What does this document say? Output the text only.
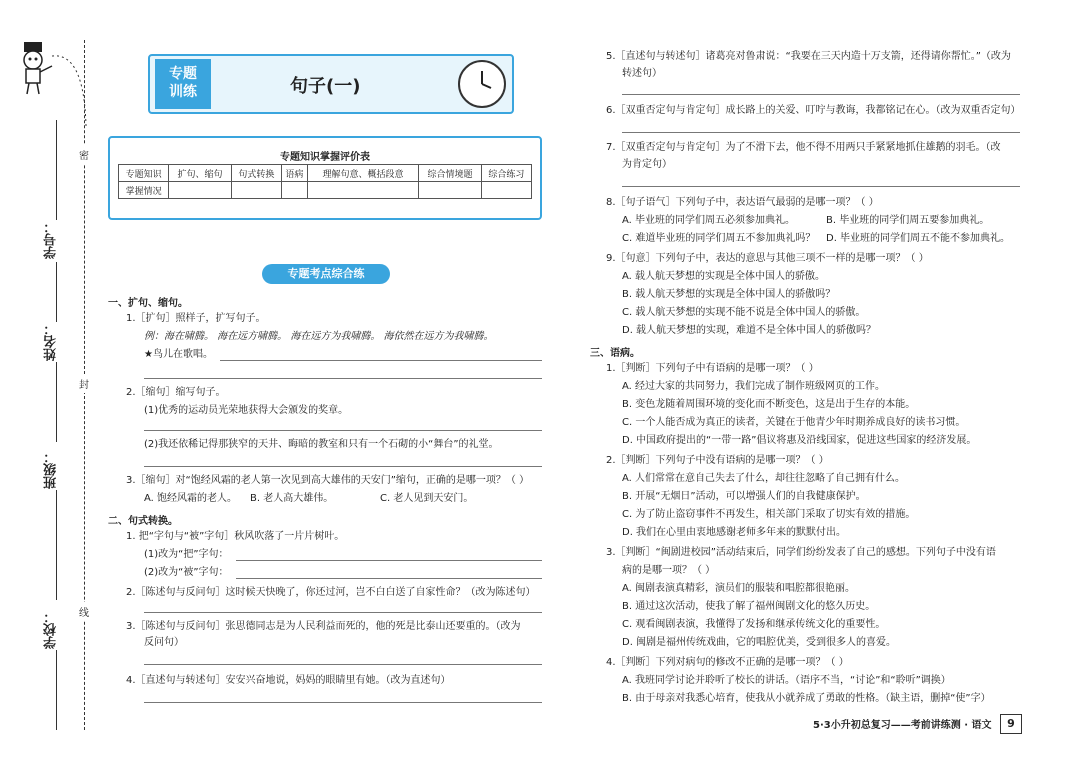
学号：
姓名：
班级：
学校：
密
封
线
专题
训练	句子(一)
专题知识掌握评价表
专题知识	扩句、缩句	句式转换	语病	理解句意、概括段意	综合情境题	综合练习
掌握情况						
专题考点综合练
一、扩句、缩句。
1.［扩句］照样子，扩写句子。
例：海在啸腾。 海在远方啸腾。 海在远方为我啸腾。 海依然在远方为我啸腾。
★鸟儿在歌唱。
2.［缩句］缩写句子。
(1)优秀的运动员光荣地获得大会颁发的奖章。
(2)我还依稀记得那狭窄的天井、晦暗的教室和只有一个石砌的小“舞台”的礼堂。
3.［缩句］对“饱经风霜的老人第一次见到高大雄伟的天安门”缩句，正确的是哪一项？（ ）
A. 饱经风霜的老人。 B. 老人高大雄伟。	C. 老人见到天安门。
二、句式转换。
1. 把“字句与“被”字句］秋风吹落了一片片树叶。
(1)改为“把”字句：
(2)改为“被”字句：
2.［陈述句与反问句］这时候天快晚了，你还过河，岂不白白送了自家性命？（改为陈述句）
3.［陈述句与反问句］张思德同志是为人民利益而死的，他的死是比泰山还要重的。（改为
反问句）
4.［直述句与转述句］安安兴奋地说，妈妈的眼睛里有她。（改为直述句）
5.［直述句与转述句］诸葛亮对鲁肃说：“我要在三天内造十万支箭，还得请你帮忙。”（改为
转述句）
6.［双重否定句与肯定句］成长路上的关爱、叮咛与教诲，我都铭记在心。（改为双重否定句）
7.［双重否定句与肯定句］为了不滑下去，他不得不用两只手紧紧地抓住雄鹅的羽毛。（改
为肯定句）
8.［句子语气］下列句子中，表达语气最弱的是哪一项？（ ）
A. 毕业班的同学们周五必须参加典礼。	B. 毕业班的同学们周五要参加典礼。
C. 难道毕业班的同学们周五不参加典礼吗？ D. 毕业班的同学们周五不能不参加典礼。
9.［句意］下列句子中，表达的意思与其他三项不一样的是哪一项？（ ）
A. 载人航天梦想的实现是全体中国人的骄傲。
B. 载人航天梦想的实现是全体中国人的骄傲吗？
C. 载人航天梦想的实现不能不说是全体中国人的骄傲。
D. 载人航天梦想的实现，难道不是全体中国人的骄傲吗？
三、语病。
1.［判断］下列句子中有语病的是哪一项？（ ）
A. 经过大家的共同努力，我们完成了制作班级网页的工作。
B. 变色龙随着周围环境的变化而不断变色，这是出于生存的本能。
C. 一个人能否成为真正的读者，关键在于他青少年时期养成良好的读书习惯。
D. 中国政府提出的“一带一路”倡议将惠及沿线国家，促进这些国家的经济发展。
2.［判断］下列句子中没有语病的是哪一项？（ ）
A. 人们常常在意自己失去了什么，却往往忽略了自己拥有什么。
B. 开展“无烟日”活动，可以增强人们的自我健康保护。
C. 为了防止盗窃事件不再发生，相关部门采取了切实有效的措施。
D. 我们在心里由衷地感谢老师多年来的默默付出。
3.［判断］“闽剧进校园”活动结束后，同学们纷纷发表了自己的感想。下列句子中没有语
病的是哪一项？（ ）
A. 闽剧表演真精彩，演员们的服装和唱腔都很艳丽。
B. 通过这次活动，使我了解了福州闽剧文化的悠久历史。
C. 观看闽剧表演，我懂得了发扬和继承传统文化的重要性。
D. 闽剧是福州传统戏曲，它的唱腔优美，受到很多人的喜爱。
4.［判断］下列对病句的修改不正确的是哪一项？（ ）
A. 我班同学讨论并聆听了校长的讲话。（语序不当，“讨论”和“聆听”调换）
B. 由于母亲对我悉心培育，使我从小就养成了勇敢的性格。（缺主语，删掉“使”字）
5·3小升初总复习——考前讲练测 · 语文	9
